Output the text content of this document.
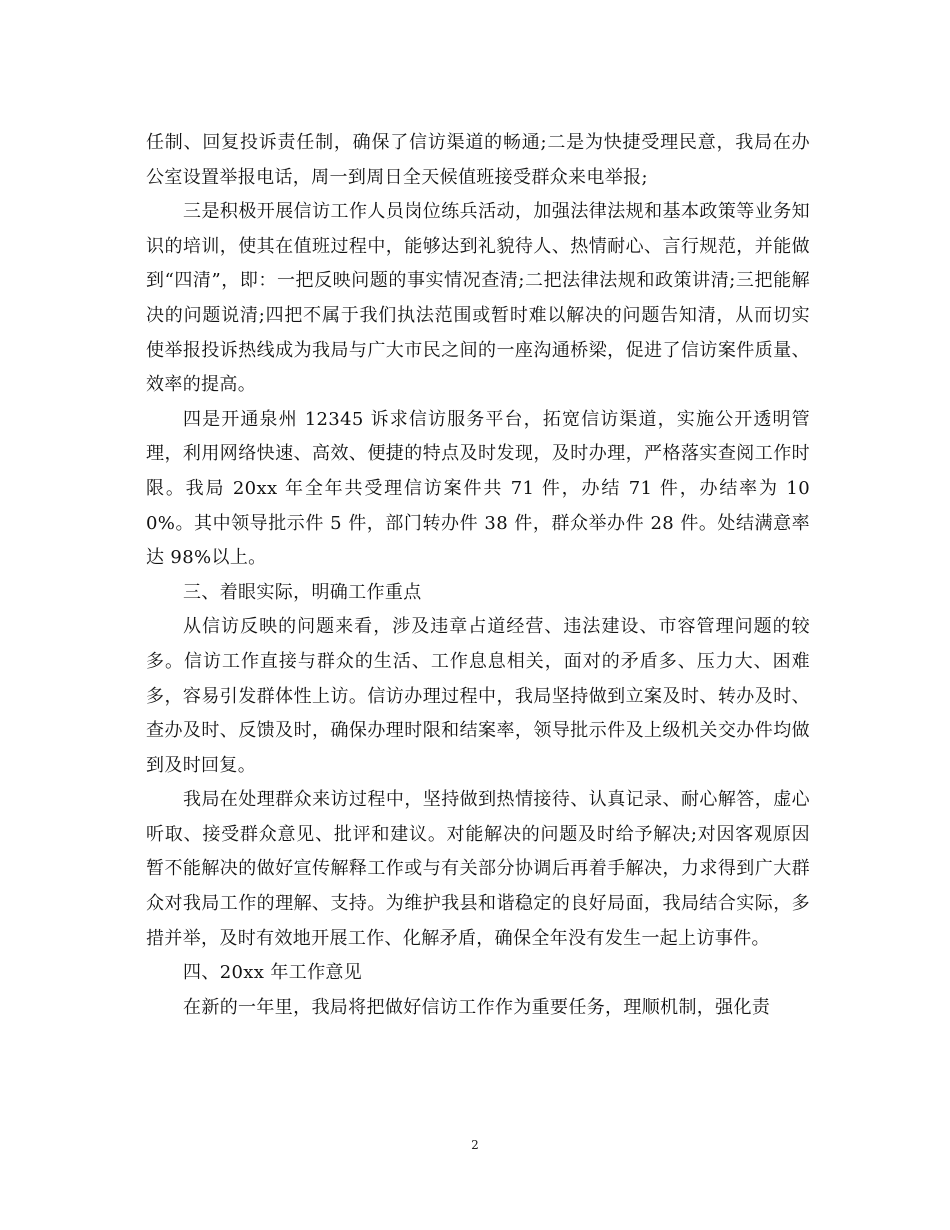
任制、回复投诉责任制，确保了信访渠道的畅通;二是为快捷受理民意，我局在办公室设置举报电话，周一到周日全天候值班接受群众来电举报;

三是积极开展信访工作人员岗位练兵活动，加强法律法规和基本政策等业务知识的培训，使其在值班过程中，能够达到礼貌待人、热情耐心、言行规范，并能做到“四清”，即：一把反映问题的事实情况查清;二把法律法规和政策讲清;三把能解决的问题说清;四把不属于我们执法范围或暂时难以解决的问题告知清，从而切实使举报投诉热线成为我局与广大市民之间的一座沟通桥梁，促进了信访案件质量、效率的提高。

四是开通泉州 12345 诉求信访服务平台，拓宽信访渠道，实施公开透明管理，利用网络快速、高效、便捷的特点及时发现，及时办理，严格落实查阅工作时限。我局 20xx 年全年共受理信访案件共 71 件，办结 71 件，办结率为 100%。其中领导批示件 5 件，部门转办件 38 件，群众举办件 28 件。处结满意率达 98%以上。

三、着眼实际，明确工作重点

从信访反映的问题来看，涉及违章占道经营、违法建设、市容管理问题的较多。信访工作直接与群众的生活、工作息息相关，面对的矛盾多、压力大、困难多，容易引发群体性上访。信访办理过程中，我局坚持做到立案及时、转办及时、查办及时、反馈及时，确保办理时限和结案率，领导批示件及上级机关交办件均做到及时回复。

我局在处理群众来访过程中，坚持做到热情接待、认真记录、耐心解答，虚心听取、接受群众意见、批评和建议。对能解决的问题及时给予解决;对因客观原因暂不能解决的做好宣传解释工作或与有关部分协调后再着手解决，力求得到广大群众对我局工作的理解、支持。为维护我县和谐稳定的良好局面，我局结合实际，多措并举，及时有效地开展工作、化解矛盾，确保全年没有发生一起上访事件。

四、20xx 年工作意见

在新的一年里，我局将把做好信访工作作为重要任务，理顺机制，强化责

2
